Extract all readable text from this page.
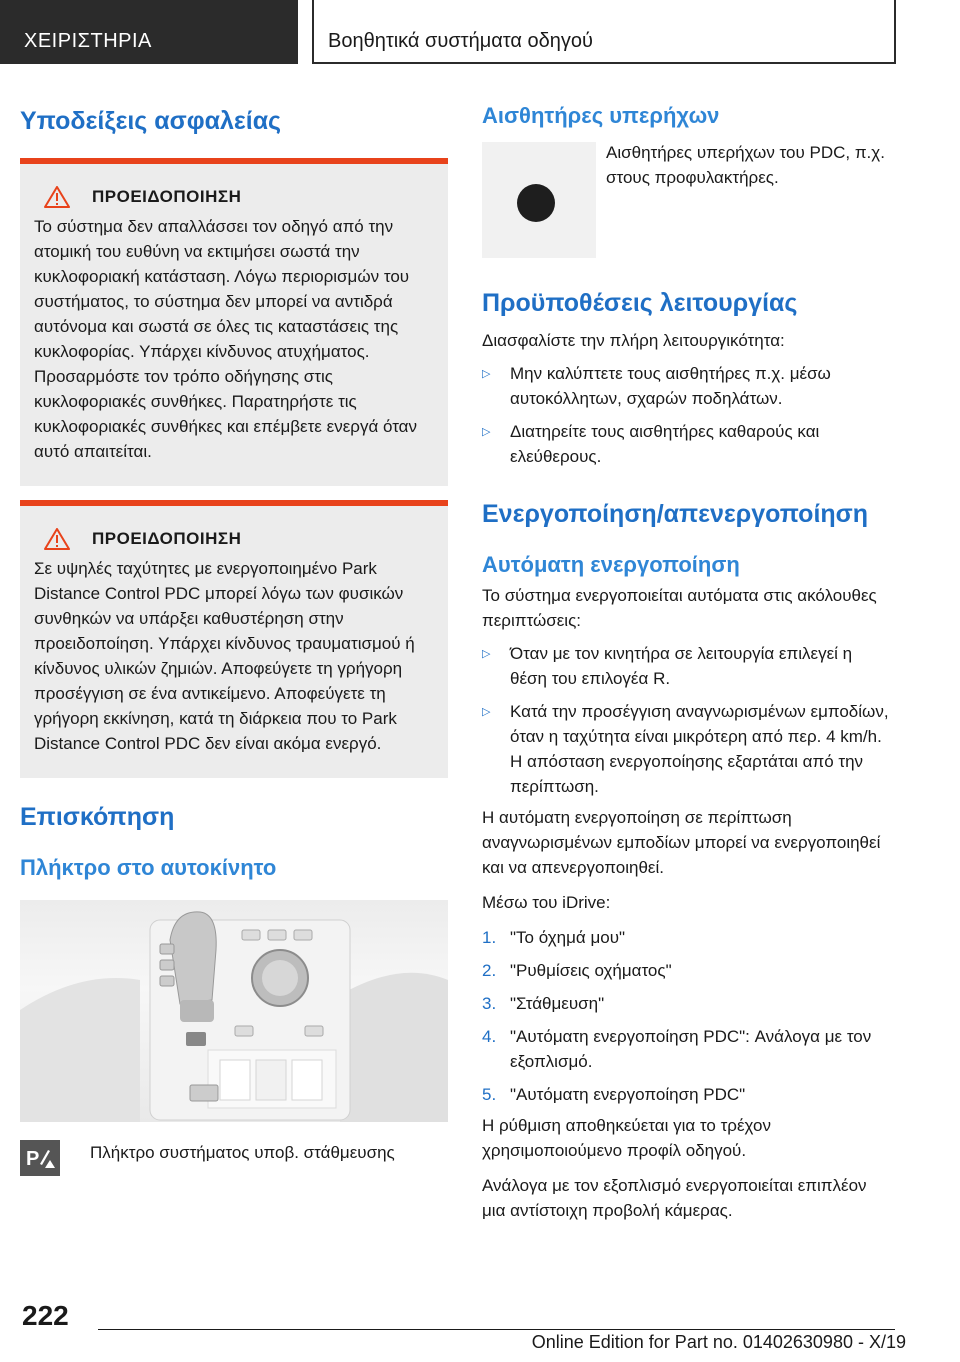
ΧΕΙΡΙΣΤΗΡΙΑ	Βοηθητικά συστήματα οδηγού
Υποδείξεις ασφαλείας
ΠΡΟΕΙΔΟΠΟΙΗΣΗ

Το σύστημα δεν απαλλάσσει τον οδηγό από την ατομική του ευθύνη να εκτιμήσει σωστά την κυκλοφοριακή κατάσταση. Λόγω περιορισμών του συστήματος, το σύστημα δεν μπορεί να αντιδρά αυτόνομα και σωστά σε όλες τις καταστάσεις της κυκλοφορίας. Υπάρχει κίνδυνος ατυχήματος. Προσαρμόστε τον τρόπο οδήγησης στις κυκλοφοριακές συνθήκες. Παρατηρήστε τις κυκλοφοριακές συνθήκες και επέμβετε ενεργά όταν αυτό απαιτείται.

ΠΡΟΕΙΔΟΠΟΙΗΣΗ

Σε υψηλές ταχύτητες με ενεργοποιημένο Park Distance Control PDC μπορεί λόγω των φυσικών συνθηκών να υπάρξει καθυστέρηση στην προειδοποίηση. Υπάρχει κίνδυνος τραυματισμού ή κίνδυνος υλικών ζημιών. Αποφεύγετε τη γρήγορη προσέγγιση σε ένα αντικείμενο. Αποφεύγετε τη γρήγορη εκκίνηση, κατά τη διάρκεια που το Park Distance Control PDC δεν είναι ακόμα ενεργό.

Επισκόπηση
Πλήκτρο στο αυτοκίνητο
P	Πλήκτρο συστήματος υποβ. στάθμευσης

Αισθητήρες υπερήχων

Αισθητήρες υπερήχων του PDC, π.χ. στους προφυλακτήρες.

Προϋποθέσεις λειτουργίας

Διασφαλίστε την πλήρη λειτουργικότητα:

▷	Μην καλύπτετε τους αισθητήρες π.χ. μέσω αυτοκόλλητων, σχαρών ποδηλάτων.
▷	Διατηρείτε τους αισθητήρες καθαρούς και ελεύθερους.
Ενεργοποίηση/απενεργοποίηση
Αυτόματη ενεργοποίηση

Το σύστημα ενεργοποιείται αυτόματα στις ακόλουθες περιπτώσεις:

▷	Όταν με τον κινητήρα σε λειτουργία επιλεγεί η θέση του επιλογέα R.
▷	Κατά την προσέγγιση αναγνωρισμένων εμποδίων, όταν η ταχύτητα είναι μικρότερη από περ. 4 km/h. Η απόσταση ενεργοποίησης εξαρτάται από την περίπτωση.

Η αυτόματη ενεργοποίηση σε περίπτωση αναγνωρισμένων εμποδίων μπορεί να ενεργοποιηθεί και να απενεργοποιηθεί.

Μέσω του iDrive:

1. "Το όχημά μου"
2. "Ρυθμίσεις οχήματος"
3. "Στάθμευση"
4. "Αυτόματη ενεργοποίηση PDC": Ανάλογα με τον εξοπλισμό.
5. "Αυτόματη ενεργοποίηση PDC"

Η ρύθμιση αποθηκεύεται για το τρέχον χρησιμοποιούμενο προφίλ οδηγού.

Ανάλογα με τον εξοπλισμό ενεργοποιείται επιπλέον μια αντίστοιχη προβολή κάμερας.

222
Online Edition for Part no. 01402630980 - X/19
